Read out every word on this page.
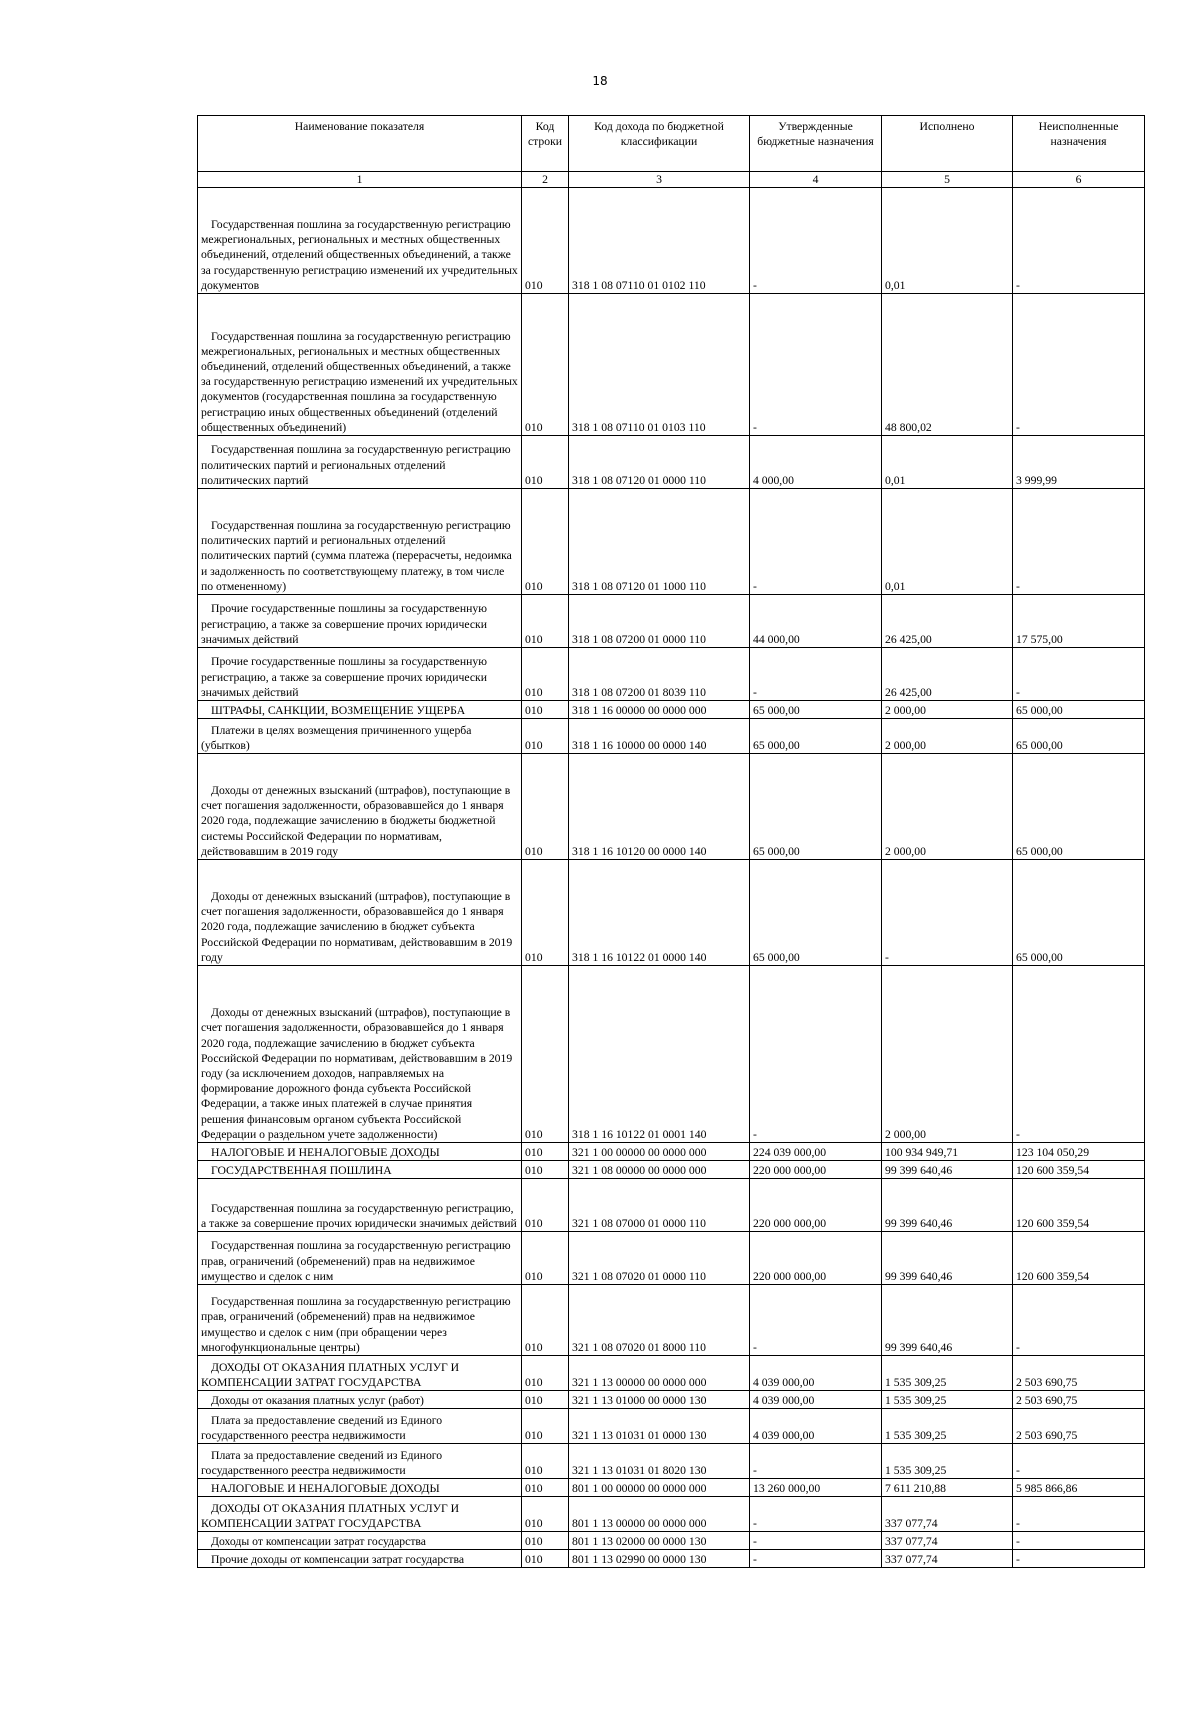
18
Наименование показателя	Код строки	Код дохода по бюджетной классификации	Утвержденные бюджетные назначения	Исполнено	Неисполненные назначения
1	2	3	4	5	6

Государственная пошлина за государственную регистрацию межрегиональных, региональных и местных общественных объединений, отделений общественных объединений, а также за государственную регистрацию изменений их учредительных документов	010	318 1 08 07110 01 0102 110	-	0,01	-

Государственная пошлина за государственную регистрацию межрегиональных, региональных и местных общественных объединений, отделений общественных объединений, а также за государственную регистрацию изменений их учредительных документов (государственная пошлина за государственную регистрацию иных общественных объединений (отделений общественных объединений)	010	318 1 08 07110 01 0103 110	-	48 800,02	-

Государственная пошлина за государственную регистрацию политических партий и региональных отделений политических партий	010	318 1 08 07120 01 0000 110	4 000,00	0,01	3 999,99

Государственная пошлина за государственную регистрацию политических партий и региональных отделений политических партий (сумма платежа (перерасчеты, недоимка и задолженность по соответствующему платежу, в том числе по отмененному)	010	318 1 08 07120 01 1000 110	-	0,01	-

Прочие государственные пошлины за государственную регистрацию, а также за совершение прочих юридически значимых действий	010	318 1 08 07200 01 0000 110	44 000,00	26 425,00	17 575,00

Прочие государственные пошлины за государственную регистрацию, а также за совершение прочих юридически значимых действий	010	318 1 08 07200 01 8039 110	-	26 425,00	-

ШТРАФЫ, САНКЦИИ, ВОЗМЕЩЕНИЕ УЩЕРБА	010	318 1 16 00000 00 0000 000	65 000,00	2 000,00	65 000,00

Платежи в целях возмещения причиненного ущерба (убытков)	010	318 1 16 10000 00 0000 140	65 000,00	2 000,00	65 000,00

Доходы от денежных взысканий (штрафов), поступающие в счет погашения задолженности, образовавшейся до 1 января 2020 года, подлежащие зачислению в бюджеты бюджетной системы Российской Федерации по нормативам, действовавшим в 2019 году	010	318 1 16 10120 00 0000 140	65 000,00	2 000,00	65 000,00

Доходы от денежных взысканий (штрафов), поступающие в счет погашения задолженности, образовавшейся до 1 января 2020 года, подлежащие зачислению в бюджет субъекта Российской Федерации по нормативам, действовавшим в 2019 году	010	318 1 16 10122 01 0000 140	65 000,00	-	65 000,00

Доходы от денежных взысканий (штрафов), поступающие в счет погашения задолженности, образовавшейся до 1 января 2020 года, подлежащие зачислению в бюджет субъекта Российской Федерации по нормативам, действовавшим в 2019 году (за исключением доходов, направляемых на формирование дорожного фонда субъекта Российской Федерации, а также иных платежей в случае принятия решения финансовым органом субъекта Российской Федерации о раздельном учете задолженности)	010	318 1 16 10122 01 0001 140	-	2 000,00	-

НАЛОГОВЫЕ И НЕНАЛОГОВЫЕ ДОХОДЫ	010	321 1 00 00000 00 0000 000	224 039 000,00	100 934 949,71	123 104 050,29

ГОСУДАРСТВЕННАЯ ПОШЛИНА	010	321 1 08 00000 00 0000 000	220 000 000,00	99 399 640,46	120 600 359,54

Государственная пошлина за государственную регистрацию, а также за совершение прочих юридически значимых действий	010	321 1 08 07000 01 0000 110	220 000 000,00	99 399 640,46	120 600 359,54

Государственная пошлина за государственную регистрацию прав, ограничений (обременений) прав на недвижимое имущество и сделок с ним	010	321 1 08 07020 01 0000 110	220 000 000,00	99 399 640,46	120 600 359,54

Государственная пошлина за государственную регистрацию прав, ограничений (обременений) прав на недвижимое имущество и сделок с ним (при обращении через многофункциональные центры)	010	321 1 08 07020 01 8000 110	-	99 399 640,46	-

ДОХОДЫ ОТ ОКАЗАНИЯ ПЛАТНЫХ УСЛУГ И КОМПЕНСАЦИИ ЗАТРАТ ГОСУДАРСТВА	010	321 1 13 00000 00 0000 000	4 039 000,00	1 535 309,25	2 503 690,75

Доходы от оказания платных услуг (работ)	010	321 1 13 01000 00 0000 130	4 039 000,00	1 535 309,25	2 503 690,75

Плата за предоставление сведений из Единого государственного реестра недвижимости	010	321 1 13 01031 01 0000 130	4 039 000,00	1 535 309,25	2 503 690,75

Плата за предоставление сведений из Единого государственного реестра недвижимости	010	321 1 13 01031 01 8020 130	-	1 535 309,25	-

НАЛОГОВЫЕ И НЕНАЛОГОВЫЕ ДОХОДЫ	010	801 1 00 00000 00 0000 000	13 260 000,00	7 611 210,88	5 985 866,86

ДОХОДЫ ОТ ОКАЗАНИЯ ПЛАТНЫХ УСЛУГ И КОМПЕНСАЦИИ ЗАТРАТ ГОСУДАРСТВА	010	801 1 13 00000 00 0000 000	-	337 077,74	-

Доходы от компенсации затрат государства	010	801 1 13 02000 00 0000 130	-	337 077,74	-

Прочие доходы от компенсации затрат государства	010	801 1 13 02990 00 0000 130	-	337 077,74	-
